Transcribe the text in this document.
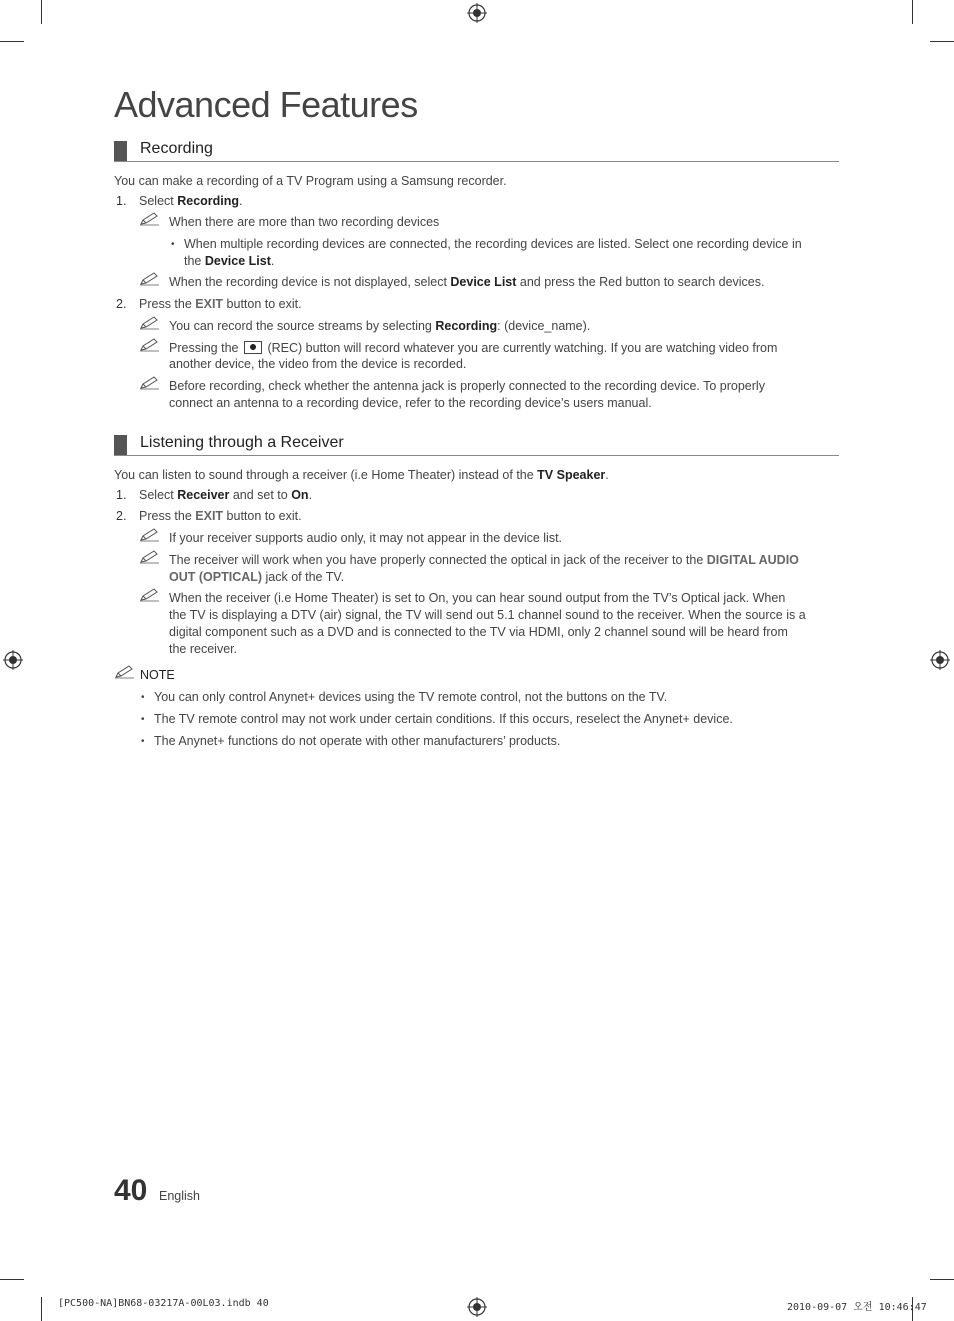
Advanced Features
Recording
You can make a recording of a TV Program using a Samsung recorder.
1. Select Recording.
When there are more than two recording devices
• When multiple recording devices are connected, the recording devices are listed. Select one recording device in
the Device List.
When the recording device is not displayed, select Device List and press the Red button to search devices.
2. Press the EXIT button to exit.
You can record the source streams by selecting Recording: (device_name).
Pressing the  (REC) button will record whatever you are currently watching. If you are watching video from
another device, the video from the device is recorded.
Before recording, check whether the antenna jack is properly connected to the recording device. To properly
connect an antenna to a recording device, refer to the recording device’s users manual.
Listening through a Receiver
You can listen to sound through a receiver (i.e Home Theater) instead of the TV Speaker.
1. Select Receiver and set to On.
2. Press the EXIT button to exit.
If your receiver supports audio only, it may not appear in the device list.
The receiver will work when you have properly connected the optical in jack of the receiver to the DIGITAL AUDIO
OUT (OPTICAL) jack of the TV.
When the receiver (i.e Home Theater) is set to On, you can hear sound output from the TV’s Optical jack. When
the TV is displaying a DTV (air) signal, the TV will send out 5.1 channel sound to the receiver. When the source is a
digital component such as a DVD and is connected to the TV via HDMI, only 2 channel sound will be heard from
the receiver.
NOTE
• You can only control Anynet+ devices using the TV remote control, not the buttons on the TV.
• The TV remote control may not work under certain conditions. If this occurs, reselect the Anynet+ device.
• The Anynet+ functions do not operate with other manufacturers’ products.
40 English
[PC500-NA]BN68-03217A-00L03.indb 40	2010-09-07 오전 10:46:47
